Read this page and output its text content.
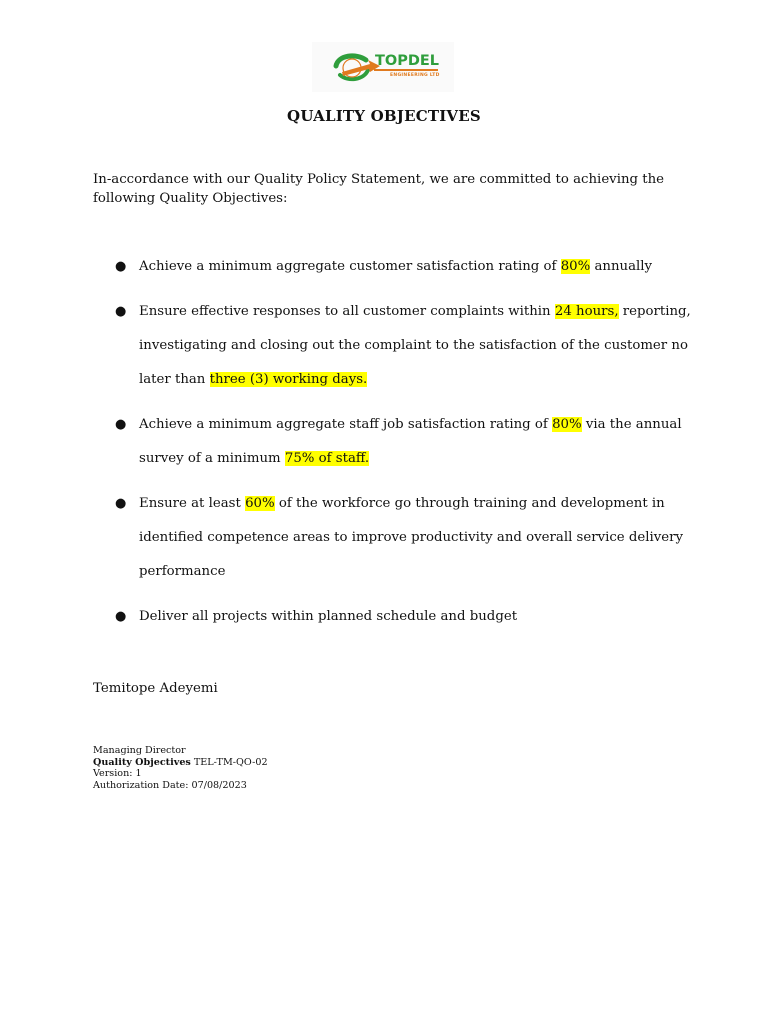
TOPDEL
ENGINEERING LTD
QUALITY OBJECTIVES
In-accordance with our Quality Policy Statement, we are committed to achieving the following Quality Objectives:
● Achieve a minimum aggregate customer satisfaction rating of 80% annually
● Ensure effective responses to all customer complaints within 24 hours, reporting, investigating and closing out the complaint to the satisfaction of the customer no later than three (3) working days.
● Achieve a minimum aggregate staff job satisfaction rating of 80% via the annual survey of a minimum 75% of staff.
● Ensure at least 60% of the workforce go through training and development in identified competence areas to improve productivity and overall service delivery performance
● Deliver all projects within planned schedule and budget
Temitope Adeyemi
Managing Director
Quality Objectives TEL-TM-QO-02
Version: 1
Authorization Date: 07/08/2023
